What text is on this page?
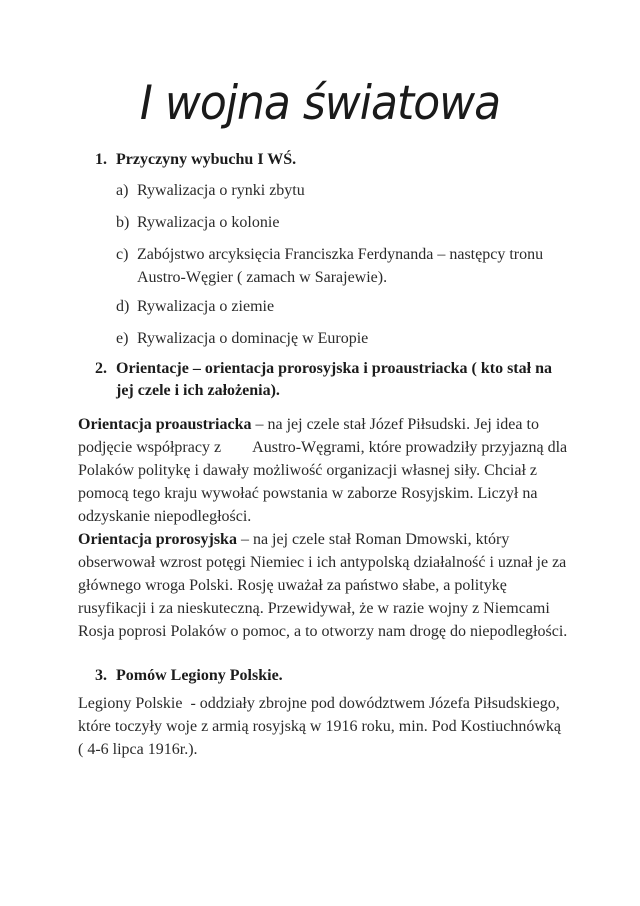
I wojna światowa
1. Przyczyny wybuchu I WŚ.
a) Rywalizacja o rynki zbytu
b) Rywalizacja o kolonie
c) Zabójstwo arcyksięcia Franciszka Ferdynanda – następcy tronu Austro-Węgier ( zamach w Sarajewie).
d) Rywalizacja o ziemie
e) Rywalizacja o dominację w Europie
2. Orientacje – orientacja prorosyjska i proaustriacka ( kto stał na jej czele i ich założenia).
Orientacja proaustriacka – na jej czele stał Józef Piłsudski. Jej idea to podjęcie współpracy z        Austro-Węgrami, które prowadziły przyjazną dla Polaków politykę i dawały możliwość organizacji własnej siły. Chciał z pomocą tego kraju wywołać powstania w zaborze Rosyjskim. Liczył na odzyskanie niepodległości.
Orientacja prorosyjska – na jej czele stał Roman Dmowski, który obserwował wzrost potęgi Niemiec i ich antypolską działalność i uznał je za głównego wroga Polski. Rosję uważał za państwo słabe, a politykę rusyfikacji i za nieskuteczną. Przewidywał, że w razie wojny z Niemcami Rosja poprosi Polaków o pomoc, a to otworzy nam drogę do niepodległości.
3. Pomów Legiony Polskie.
Legiony Polskie  - oddziały zbrojne pod dowództwem Józefa Piłsudskiego, które toczyły woje z armią rosyjską w 1916 roku, min. Pod Kostiuchnówką ( 4-6 lipca 1916r.).
